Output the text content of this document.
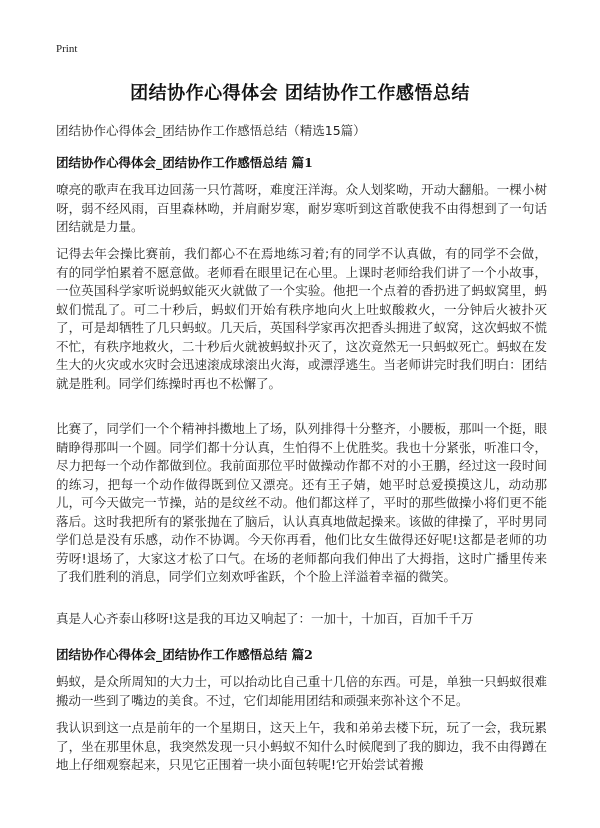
Print
团结协作心得体会 团结协作工作感悟总结
团结协作心得体会_团结协作工作感悟总结（精选15篇）
团结协作心得体会_团结协作工作感悟总结 篇1

嘹亮的歌声在我耳边回荡一只竹蒿呀，难度汪洋海。众人划桨呦，开动大翻船。一棵小树呀，弱不经风雨，百里森林呦，并肩耐岁寒，耐岁寒听到这首歌使我不由得想到了一句话团结就是力量。

记得去年会操比赛前，我们都心不在焉地练习着;有的同学不认真做，有的同学不会做，有的同学怕累着不愿意做。老师看在眼里记在心里。上课时老师给我们讲了一个小故事，一位英国科学家听说蚂蚁能灭火就做了一个实验。他把一个点着的香扔进了蚂蚁窝里，蚂蚁们慌乱了。可二十秒后，蚂蚁们开始有秩序地向火上吐蚁酸救火，一分钟后火被扑灭了，可是却牺牲了几只蚂蚁。几天后，英国科学家再次把香头拥进了蚁窝，这次蚂蚁不慌不忙，有秩序地救火，二十秒后火就被蚂蚁扑灭了，这次竟然无一只蚂蚁死亡。蚂蚁在发生大的火灾或水灾时会迅速滚成球滚出火海，或漂浮逃生。当老师讲完时我们明白：团结就是胜利。同学们练操时再也不松懈了。

比赛了，同学们一个个精神抖擞地上了场，队列排得十分整齐，小腰板，那叫一个挺，眼睛睁得那叫一个圆。同学们都十分认真，生怕得不上优胜奖。我也十分紧张，听准口令，尽力把每一个动作都做到位。我前面那位平时做操动作都不对的小王鹏，经过这一段时间的练习，把每一个动作做得既到位又漂亮。还有王子婧，她平时总爱摸摸这儿，动动那儿，可今天做完一节操，站的是纹丝不动。他们都这样了，平时的那些做操小将们更不能落后。这时我把所有的紧张抛在了脑后，认认真真地做起操来。该做的律操了，平时男同学们总是没有乐感，动作不协调。今天你再看，他们比女生做得还好呢!这都是老师的功劳呀!退场了，大家这才松了口气。在场的老师都向我们伸出了大拇指，这时广播里传来了我们胜利的消息，同学们立刻欢呼雀跃，个个脸上洋溢着幸福的微笑。

真是人心齐泰山移呀!这是我的耳边又响起了：一加十，十加百，百加千千万

团结协作心得体会_团结协作工作感悟总结 篇2

蚂蚁，是众所周知的大力士，可以抬动比自己重十几倍的东西。可是，单独一只蚂蚁很难搬动一些到了嘴边的美食。不过，它们却能用团结和顽强来弥补这个不足。

我认识到这一点是前年的一个星期日，这天上午，我和弟弟去楼下玩，玩了一会，我玩累了，坐在那里休息，我突然发现一只小蚂蚁不知什么时候爬到了我的脚边，我不由得蹲在地上仔细观察起来，只见它正围着一块小面包转呢!它开始尝试着搬
